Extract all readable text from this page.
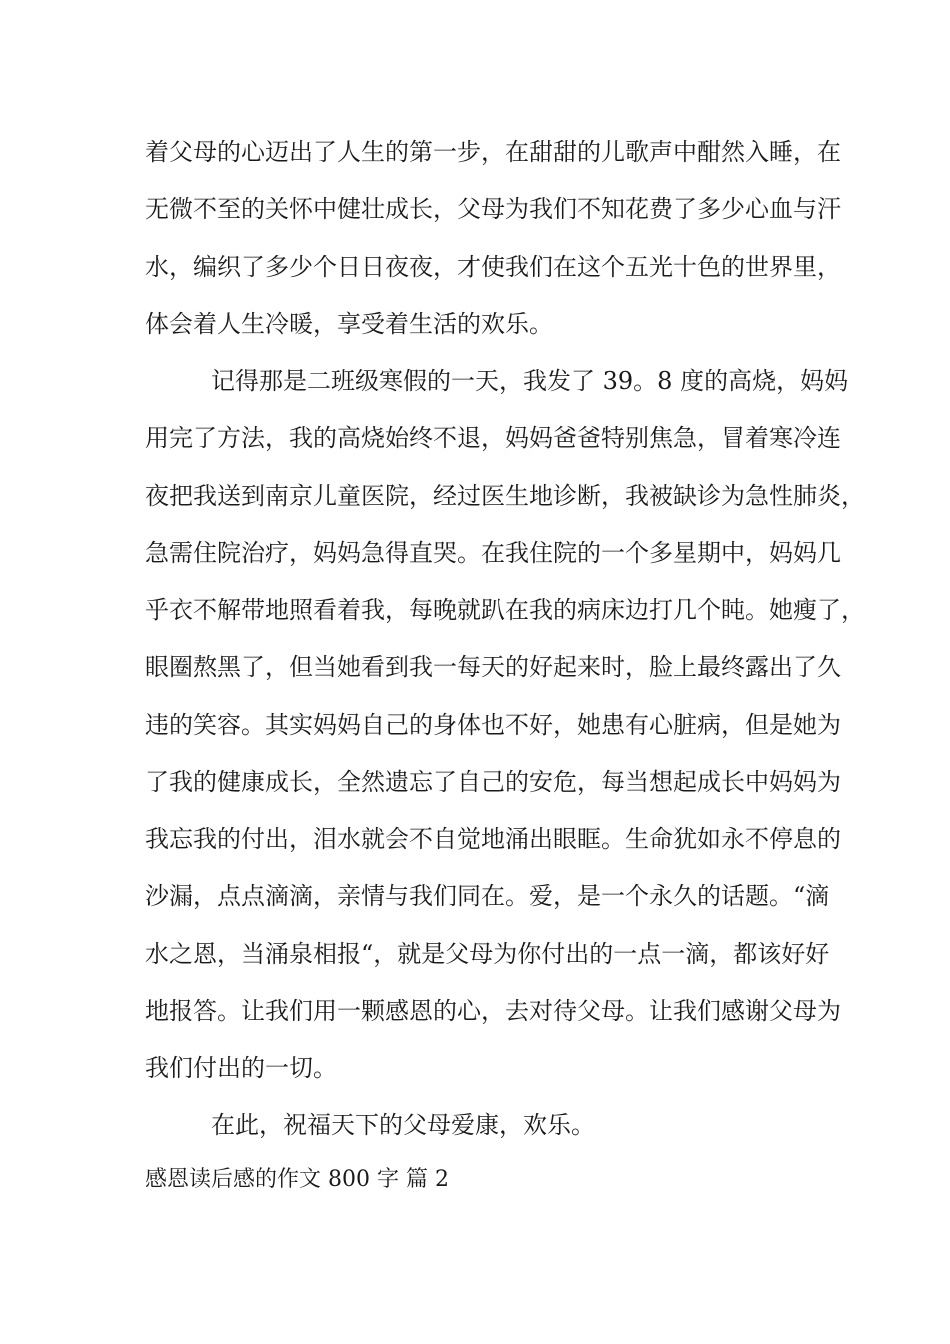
着父母的心迈出了人生的第一步，在甜甜的儿歌声中酣然入睡，在
无微不至的关怀中健壮成长，父母为我们不知花费了多少心血与汗
水，编织了多少个日日夜夜，才使我们在这个五光十色的世界里，
体会着人生冷暖，享受着生活的欢乐。
记得那是二班级寒假的一天，我发了 39。8 度的高烧，妈妈
用完了方法，我的高烧始终不退，妈妈爸爸特别焦急，冒着寒冷连
夜把我送到南京儿童医院，经过医生地诊断，我被缺诊为急性肺炎，
急需住院治疗，妈妈急得直哭。在我住院的一个多星期中，妈妈几
乎衣不解带地照看着我，每晚就趴在我的病床边打几个盹。她瘦了，
眼圈熬黑了，但当她看到我一每天的好起来时，脸上最终露出了久
违的笑容。其实妈妈自己的身体也不好，她患有心脏病，但是她为
了我的健康成长，全然遗忘了自己的安危，每当想起成长中妈妈为
我忘我的付出，泪水就会不自觉地涌出眼眶。生命犹如永不停息的
沙漏，点点滴滴，亲情与我们同在。爱，是一个永久的话题。“滴
水之恩，当涌泉相报“，就是父母为你付出的一点一滴，都该好好
地报答。让我们用一颗感恩的心，去对待父母。让我们感谢父母为
我们付出的一切。
在此，祝福天下的父母爱康，欢乐。
感恩读后感的作文 800 字 篇 2
